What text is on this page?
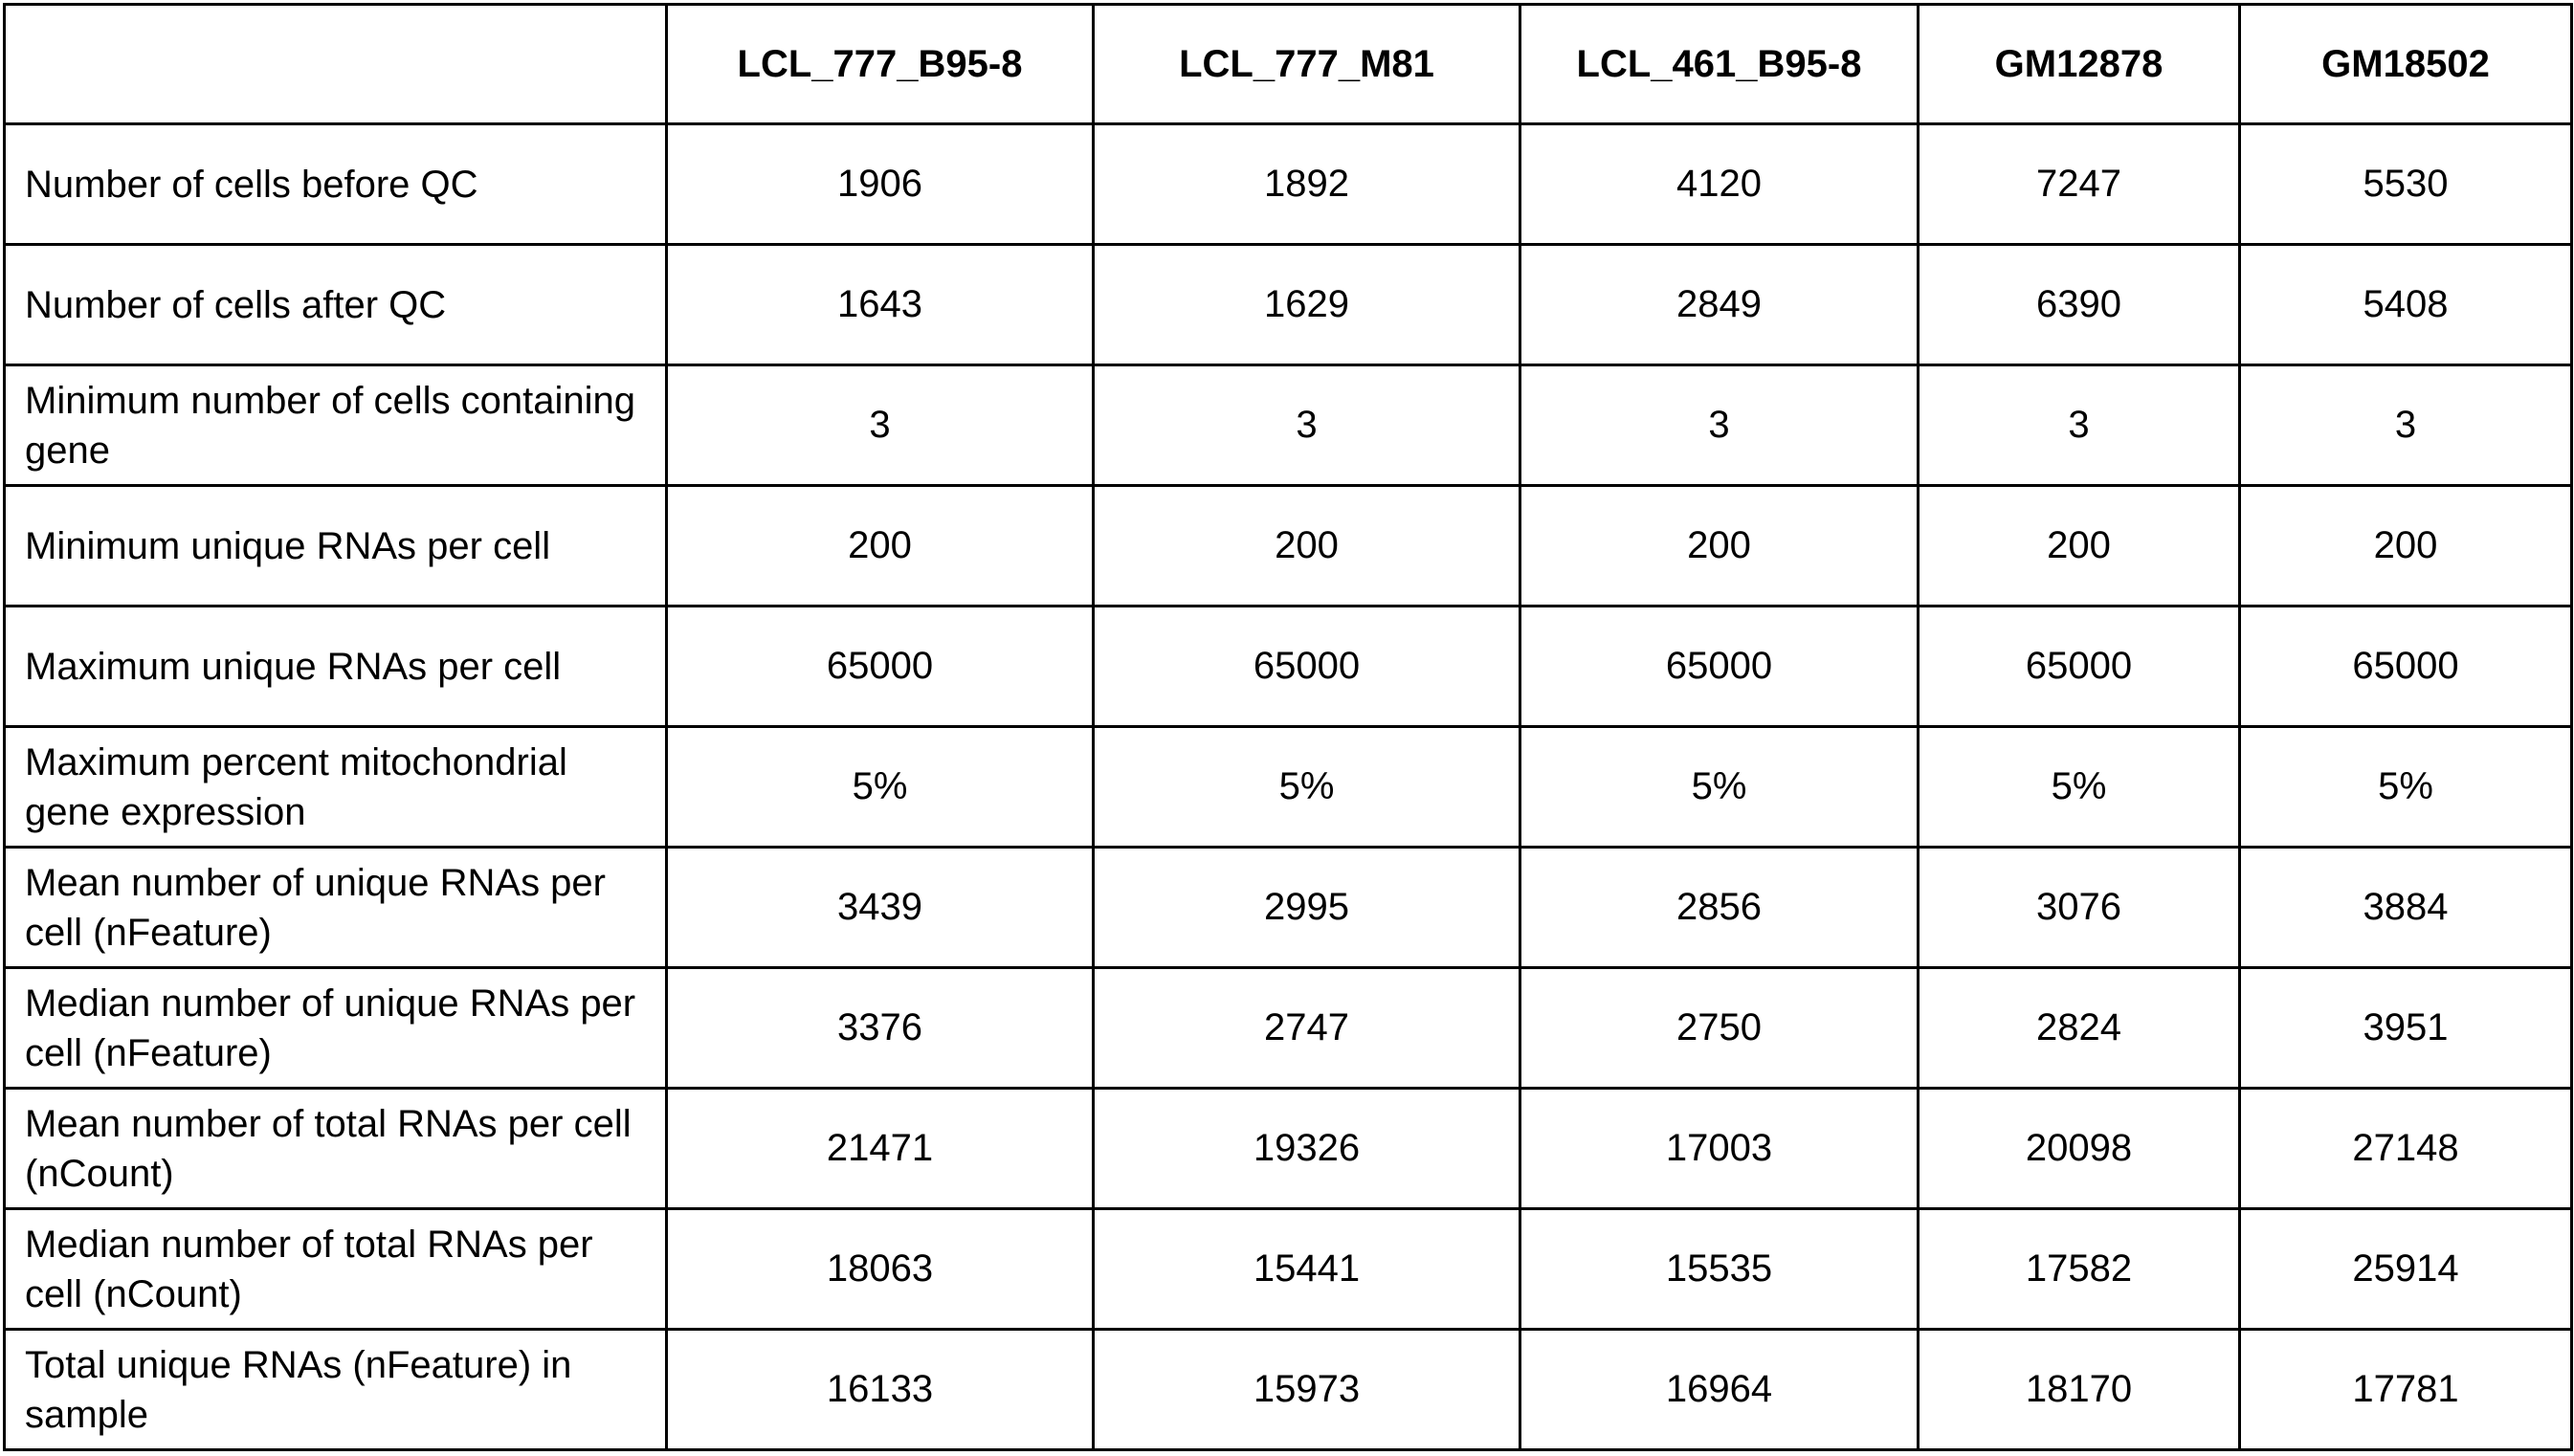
	LCL_777_B95-8	LCL_777_M81	LCL_461_B95-8	GM12878	GM18502
Number of cells before QC	1906	1892	4120	7247	5530
Number of cells after QC	1643	1629	2849	6390	5408
Minimum number of cells containing gene	3	3	3	3	3
Minimum unique RNAs per cell	200	200	200	200	200
Maximum unique RNAs per cell	65000	65000	65000	65000	65000
Maximum percent mitochondrial gene expression	5%	5%	5%	5%	5%
Mean number of unique RNAs per cell (nFeature)	3439	2995	2856	3076	3884
Median number of unique RNAs per cell (nFeature)	3376	2747	2750	2824	3951
Mean number of total RNAs per cell (nCount)	21471	19326	17003	20098	27148
Median number of total RNAs per cell (nCount)	18063	15441	15535	17582	25914
Total unique RNAs (nFeature) in sample	16133	15973	16964	18170	17781
